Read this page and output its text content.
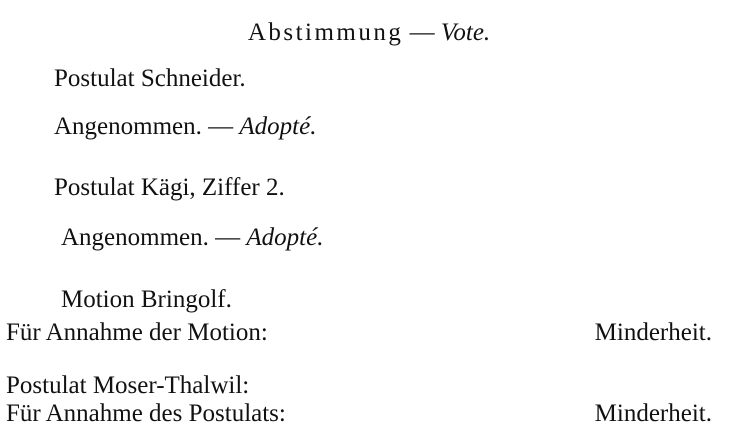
Abstimmung — Vote.
Postulat Schneider.
Angenommen. — Adopté.
Postulat Kägi, Ziffer 2.
Angenommen. — Adopté.
Motion Bringolf.
Für Annahme der Motion:	Minderheit.
Postulat Moser-Thalwil:
Für Annahme des Postulats:	Minderheit.
